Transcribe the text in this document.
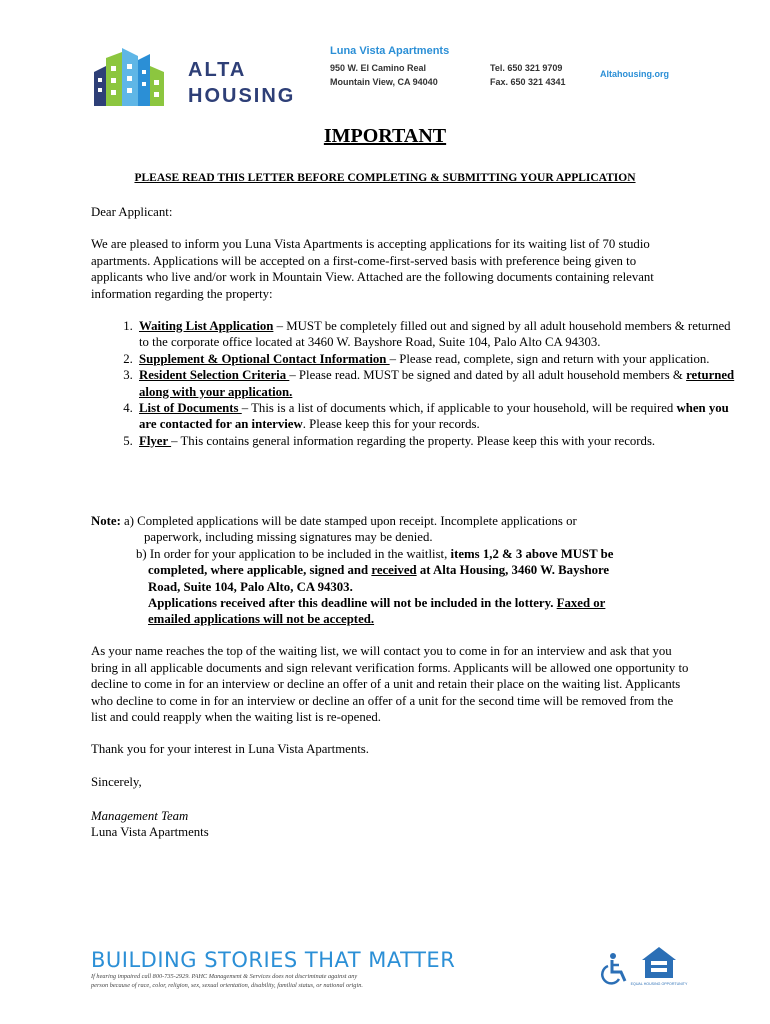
ALTA
HOUSING
Luna Vista Apartments
950 W. El Camino Real
Mountain View, CA 94040
Tel. 650 321 9709
Fax. 650 321 4341
Altahousing.org
IMPORTANT
PLEASE READ THIS LETTER BEFORE COMPLETING & SUBMITTING YOUR APPLICATION
Dear Applicant:
We are pleased to inform you Luna Vista Apartments is accepting applications for its waiting list of 70 studio apartments. Applications will be accepted on a first-come-first-served basis with preference being given to applicants who live and/or work in Mountain View. Attached are the following documents containing relevant information regarding the property:
1. Waiting List Application – MUST be completely filled out and signed by all adult household members & returned to the corporate office located at 3460 W. Bayshore Road, Suite 104, Palo Alto CA 94303.
2. Supplement & Optional Contact Information – Please read, complete, sign and return with your application.
3. Resident Selection Criteria – Please read. MUST be signed and dated by all adult household members & returned along with your application.
4. List of Documents – This is a list of documents which, if applicable to your household, will be required when you are contacted for an interview. Please keep this for your records.
5. Flyer – This contains general information regarding the property. Please keep this with your records.
Note: a) Completed applications will be date stamped upon receipt. Incomplete applications or
paperwork, including missing signatures may be denied.
b) In order for your application to be included in the waitlist, items 1,2 & 3 above MUST be
completed, where applicable, signed and received at Alta Housing, 3460 W. Bayshore
Road, Suite 104, Palo Alto, CA 94303.
Applications received after this deadline will not be included in the lottery. Faxed or
emailed applications will not be accepted.
As your name reaches the top of the waiting list, we will contact you to come in for an interview and ask that you bring in all applicable documents and sign relevant verification forms. Applicants will be allowed one opportunity to decline to come in for an interview or decline an offer of a unit and retain their place on the waiting list. Applicants who decline to come in for an interview or decline an offer of a unit for the second time will be removed from the list and could reapply when the waiting list is re-opened.
Thank you for your interest in Luna Vista Apartments.
Sincerely,
Management Team
Luna Vista Apartments
BUILDING STORIES THAT MATTER
If hearing impaired call 800-735-2929. PAHC Management & Services does not discriminate against any
person because of race, color, religion, sex, sexual orientation, disability, familial status, or national origin.	EQUAL HOUSING OPPORTUNITY
